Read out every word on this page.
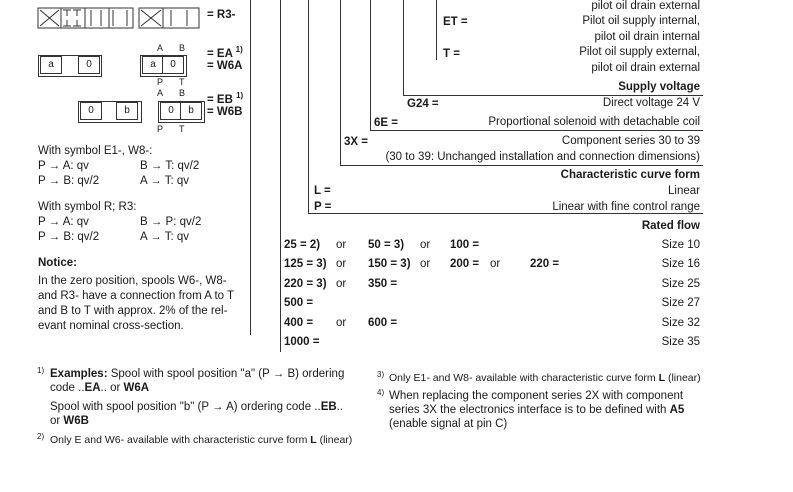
= R3-
a	0	a	0
A B
P T
= EA $^{1)}$
= W6A
0	b	0	b
A B
P T
= EB $^{1)}$
= W6B
With symbol E1-, W8-:
P → A: qv	B → T: qv/2
P → B: qv/2	A → T: qv
With symbol R; R3:
P → A: qv	B → P: qv/2
P → B: qv/2	A → T: qv
Notice:
In the zero position, spools W6-, W8-
and R3- have a connection from A to T
and B to T with approx. 2% of the rel-
evant nominal cross-section.
pilot oil drain external
ET =	Pilot oil supply internal,
pilot oil drain internal
T =	Pilot oil supply external,
pilot oil drain external
Supply voltage
G24 =	Direct voltage 24 V
6E =	Proportional solenoid with detachable coil
3X =	Component series 30 to 39
(30 to 39: Unchanged installation and connection dimensions)
Characteristic curve form
L =	Linear
P =	Linear with fine control range
Rated flow
25 = 2) or 50 = 3) or 100 =	Size 10
125 = 3) or 150 = 3) or 200 = or	220 =	Size 16
220 = 3) or 350 =	Size 25
500 =	Size 27
400 = or 600 =	Size 32
1000 =	Size 35
1) Examples: Spool with spool position "a" (P → B) ordering
code ..EA.. or W6A
Spool with spool position "b" (P → A) ordering code ..EB..
or W6B
2) Only E and W6- available with characteristic curve form L (linear)
3) Only E1- and W8- available with characteristic curve form L (linear)
4) When replacing the component series 2X with component
series 3X the electronics interface is to be defined with A5
(enable signal at pin C)
